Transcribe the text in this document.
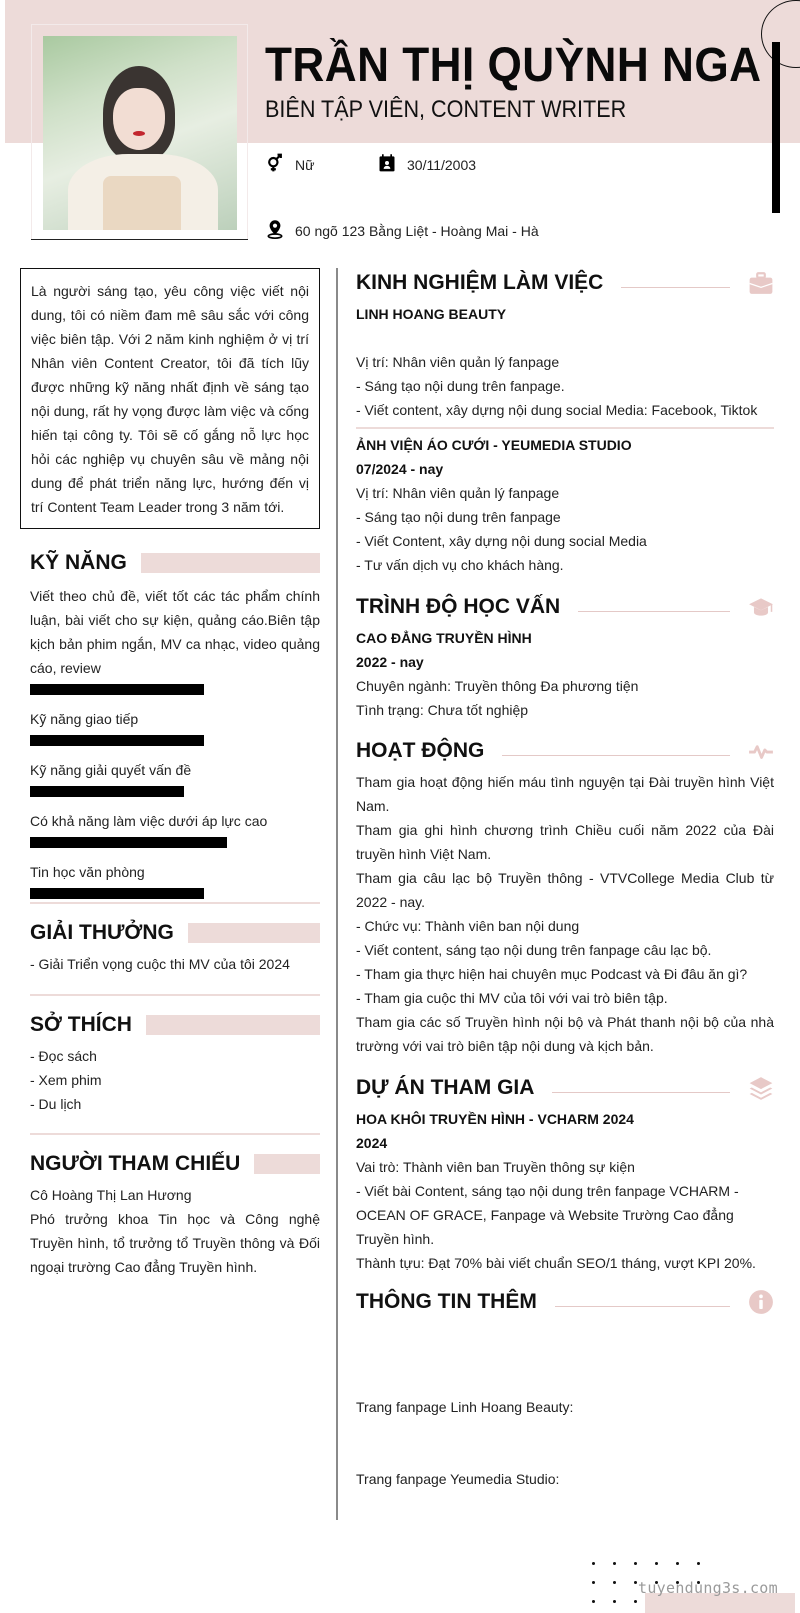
TRẦN THỊ QUỲNH NGA
BIÊN TẬP VIÊN, CONTENT WRITER
Nữ	30/11/2003
60 ngõ 123 Bằng Liệt - Hoàng Mai - Hà
Là người sáng tạo, yêu công việc viết nội dung, tôi có niềm đam mê sâu sắc với công việc biên tập. Với 2 năm kinh nghiệm ở vị trí Nhân viên Content Creator, tôi đã tích lũy được những kỹ năng nhất định về sáng tạo nội dung, rất hy vọng được làm việc và cống hiến tại công ty. Tôi sẽ cố gắng nỗ lực học hỏi các nghiệp vụ chuyên sâu về mảng nội dung để phát triển năng lực, hướng đến vị trí Content Team Leader trong 3 năm tới.
KỸ NĂNG
Viết theo chủ đề, viết tốt các tác phẩm chính luận, bài viết cho sự kiện, quảng cáo.Biên tập kịch bản phim ngắn, MV ca nhạc, video quảng cáo, review
Kỹ năng giao tiếp
Kỹ năng giải quyết vấn đề
Có khả năng làm việc dưới áp lực cao
Tin học văn phòng
GIẢI THƯỞNG
- Giải Triển vọng cuộc thi MV của tôi 2024
SỞ THÍCH
- Đọc sách
- Xem phim
- Du lịch
NGƯỜI THAM CHIẾU
Cô Hoàng Thị Lan Hương
Phó trưởng khoa Tin học và Công nghệ Truyền hình, tổ trưởng tổ Truyền thông và Đối ngoại trường Cao đẳng Truyền hình.
KINH NGHIỆM LÀM VIỆC
LINH HOANG BEAUTY
Vị trí: Nhân viên quản lý fanpage
- Sáng tạo nội dung trên fanpage.
- Viết content, xây dựng nội dung social Media: Facebook, Tiktok
ẢNH VIỆN ÁO CƯỚI - YEUMEDIA STUDIO
07/2024 - nay
Vị trí: Nhân viên quản lý fanpage
- Sáng tạo nội dung trên fanpage
- Viết Content, xây dựng nội dung social Media
- Tư vấn dịch vụ cho khách hàng.
TRÌNH ĐỘ HỌC VẤN
CAO ĐẲNG TRUYỀN HÌNH
2022 - nay
Chuyên ngành: Truyền thông Đa phương tiện
Tình trạng: Chưa tốt nghiệp
HOẠT ĐỘNG
Tham gia hoạt động hiến máu tình nguyện tại Đài truyền hình Việt Nam.
Tham gia ghi hình chương trình Chiều cuối năm 2022 của Đài truyền hình Việt Nam.
Tham gia câu lạc bộ Truyền thông - VTVCollege Media Club từ 2022 - nay.
- Chức vụ: Thành viên ban nội dung
- Viết content, sáng tạo nội dung trên fanpage câu lạc bộ.
- Tham gia thực hiện hai chuyên mục Podcast và Đi đâu ăn gì?
- Tham gia cuộc thi MV của tôi với vai trò biên tập.
Tham gia các số Truyền hình nội bộ và Phát thanh nội bộ của nhà trường với vai trò biên tập nội dung và kịch bản.
DỰ ÁN THAM GIA
HOA KHÔI TRUYỀN HÌNH - VCHARM 2024
2024
Vai trò: Thành viên ban Truyền thông sự kiện
- Viết bài Content, sáng tạo nội dung trên fanpage VCHARM - OCEAN OF GRACE, Fanpage và Website Trường Cao đẳng Truyền hình.
Thành tựu: Đạt 70% bài viết chuẩn SEO/1 tháng, vượt KPI 20%.
THÔNG TIN THÊM
Trang fanpage Linh Hoang Beauty:
Trang fanpage Yeumedia Studio:
tuyendung3s.com
